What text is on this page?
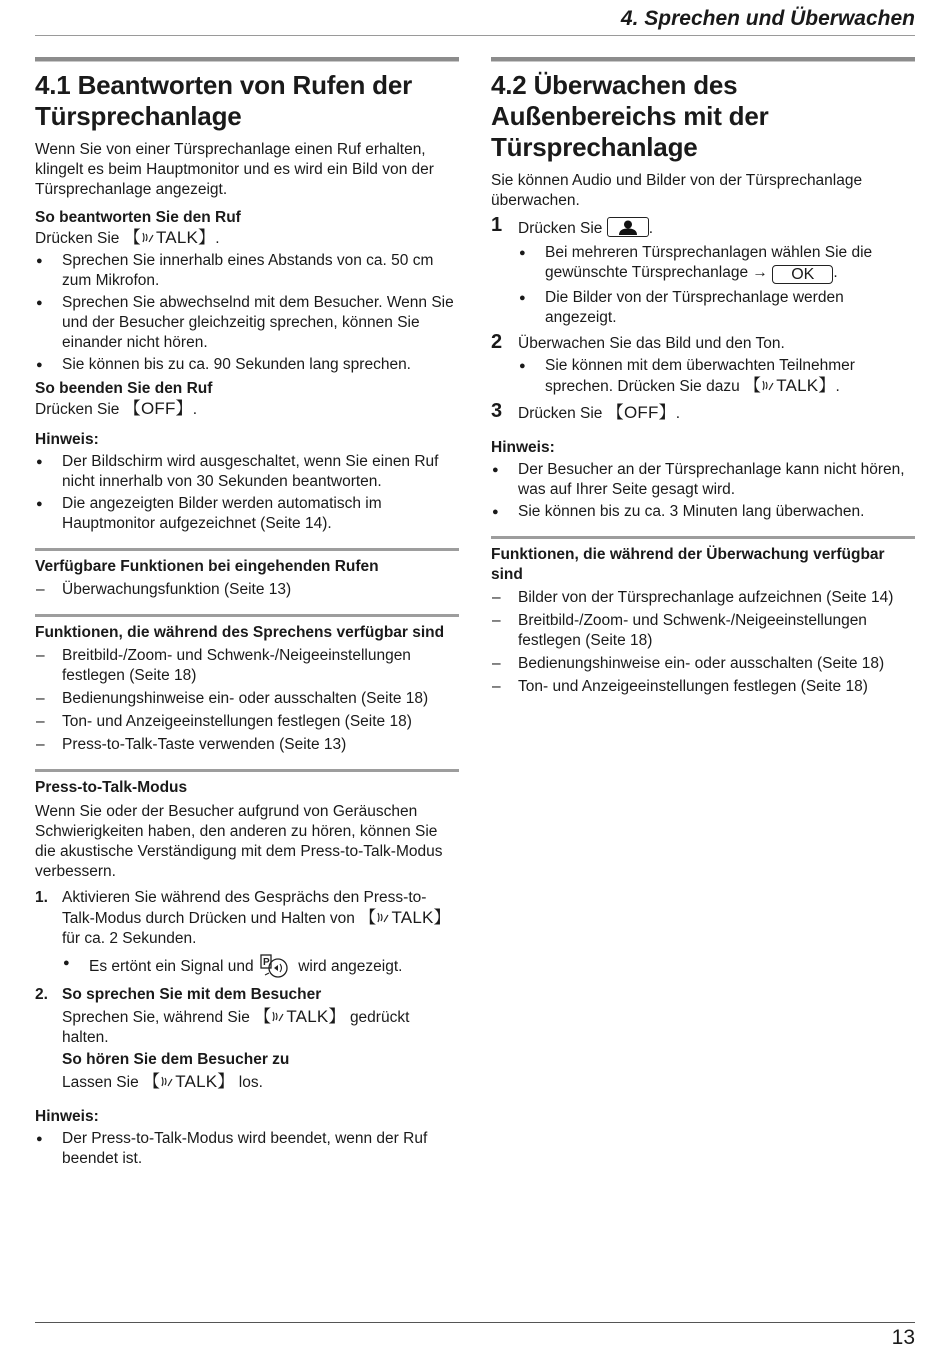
4. Sprechen und Überwachen
4.1 Beantworten von Rufen der Türsprechanlage

Wenn Sie von einer Türsprechanlage einen Ruf erhalten, klingelt es beim Hauptmonitor und es wird ein Bild von der Türsprechanlage angezeigt.

So beantworten Sie den Ruf

Drücken Sie 【 TALK】.

● Sprechen Sie innerhalb eines Abstands von ca. 50 cm zum Mikrofon.
● Sprechen Sie abwechselnd mit dem Besucher. Wenn Sie und der Besucher gleichzeitig sprechen, können Sie einander nicht hören.
● Sie können bis zu ca. 90 Sekunden lang sprechen.

So beenden Sie den Ruf

Drücken Sie 【OFF】.

Hinweis:

● Der Bildschirm wird ausgeschaltet, wenn Sie einen Ruf nicht innerhalb von 30 Sekunden beantworten.
● Die angezeigten Bilder werden automatisch im Hauptmonitor aufgezeichnet (Seite 14).

Verfügbare Funktionen bei eingehenden Rufen

– Überwachungsfunktion (Seite 13)

Funktionen, die während des Sprechens verfügbar sind

– Breitbild-/Zoom- und Schwenk-/Neigeeinstellungen festlegen (Seite 18)
– Bedienungshinweise ein- oder ausschalten (Seite 18)
– Ton- und Anzeigeeinstellungen festlegen (Seite 18)
– Press-to-Talk-Taste verwenden (Seite 13)

Press-to-Talk-Modus

Wenn Sie oder der Besucher aufgrund von Geräuschen Schwierigkeiten haben, den anderen zu hören, können Sie die akustische Verständigung mit dem Press-to-Talk-Modus verbessern.

1. Aktivieren Sie während des Gesprächs den Press-to-Talk-Modus durch Drücken und Halten von 【 TALK】 für ca. 2 Sekunden.
● Es ertönt ein Signal und P wird angezeigt.
2. So sprechen Sie mit dem Besucher

Sprechen Sie, während Sie 【 TALK】 gedrückt halten.

So hören Sie dem Besucher zu

Lassen Sie 【 TALK】 los.

Hinweis:

● Der Press-to-Talk-Modus wird beendet, wenn der Ruf beendet ist.
4.2 Überwachen des Außenbereichs mit der Türsprechanlage

Sie können Audio und Bilder von der Türsprechanlage überwachen.

1 Drücken Sie	.
● Bei mehreren Türsprechanlagen wählen Sie die gewünschte Türsprechanlage → OK .
● Die Bilder von der Türsprechanlage werden angezeigt.
2 Überwachen Sie das Bild und den Ton.
● Sie können mit dem überwachten Teilnehmer sprechen. Drücken Sie dazu 【 TALK】.
3 Drücken Sie 【OFF】.

Hinweis:

● Der Besucher an der Türsprechanlage kann nicht hören, was auf Ihrer Seite gesagt wird.
● Sie können bis zu ca. 3 Minuten lang überwachen.

Funktionen, die während der Überwachung verfügbar sind

– Bilder von der Türsprechanlage aufzeichnen (Seite 14)
– Breitbild-/Zoom- und Schwenk-/Neigeeinstellungen festlegen (Seite 18)
– Bedienungshinweise ein- oder ausschalten (Seite 18)
– Ton- und Anzeigeeinstellungen festlegen (Seite 18)
13
